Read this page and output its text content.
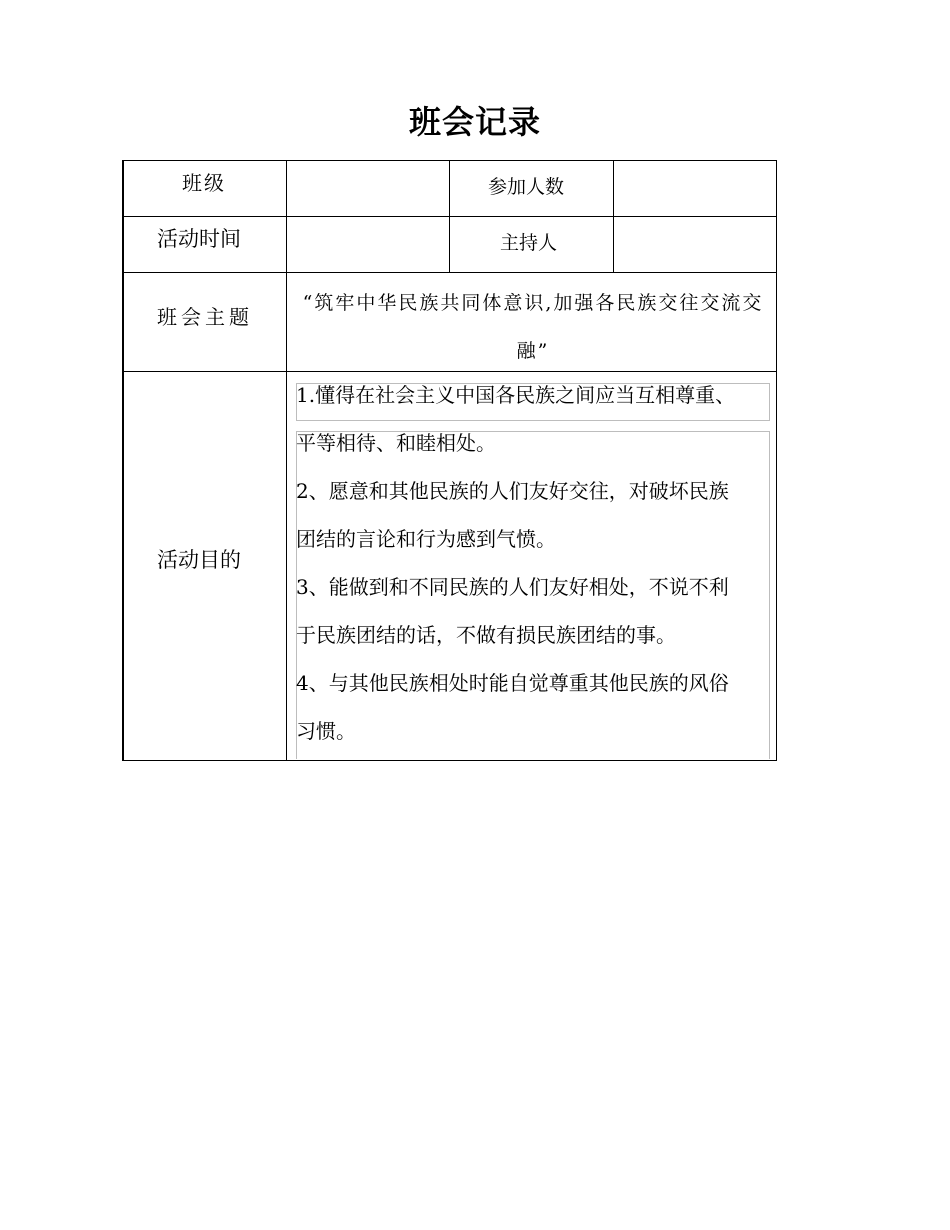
班会记录
班级	参加人数
活动时间	主持人
班会主题
“筑牢中华民族共同体意识,加强各民族交往交流交融”
活动目的
1.懂得在社会主义中国各民族之间应当互相尊重、
平等相待、和睦相处。
2、愿意和其他民族的人们友好交往，对破坏民族
团结的言论和行为感到气愤。
3、能做到和不同民族的人们友好相处，不说不利
于民族团结的话，不做有损民族团结的事。
4、与其他民族相处时能自觉尊重其他民族的风俗
习惯。
